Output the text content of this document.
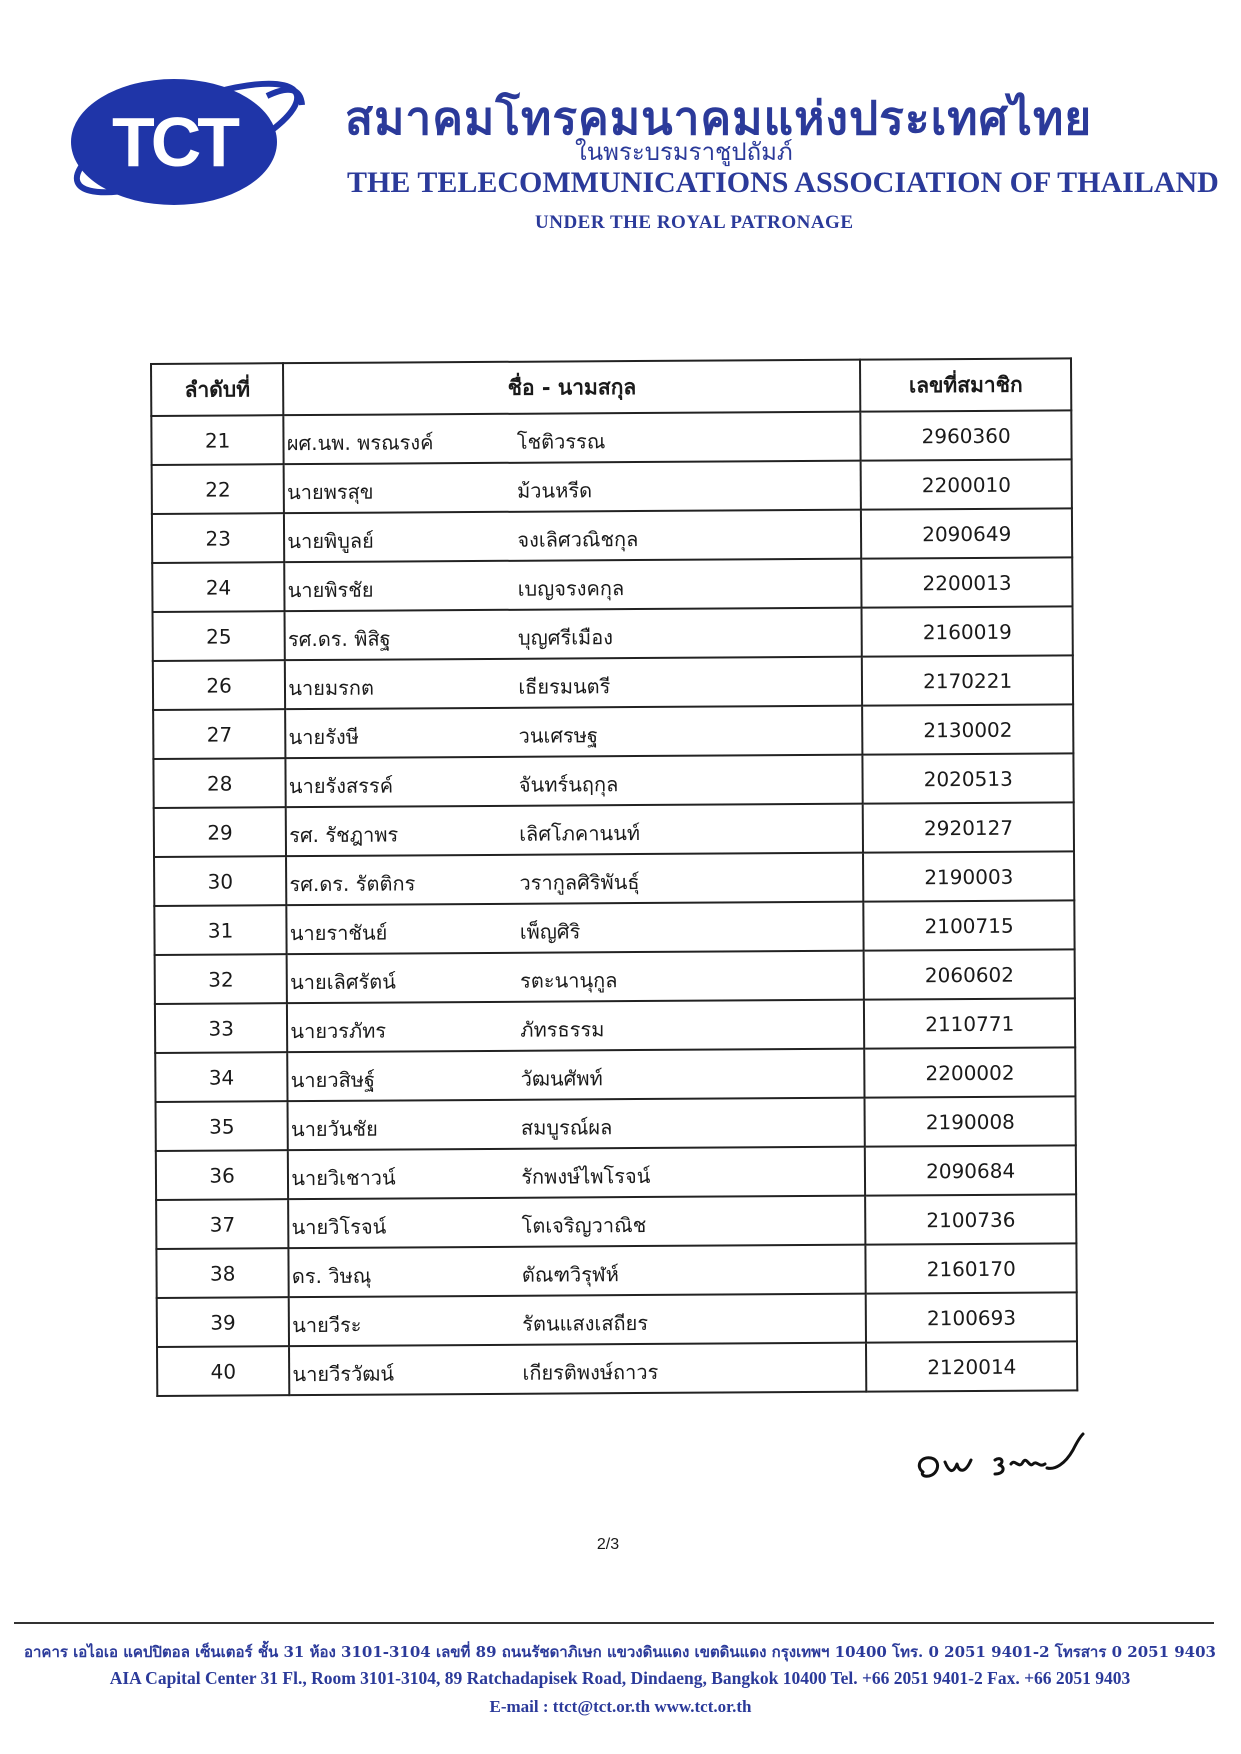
TCT สมาคมโทรคมนาคมแห่งประเทศไทย
ในพระบรมราชูปถัมภ์
THE TELECOMMUNICATIONS ASSOCIATION OF THAILAND
UNDER THE ROYAL PATRONAGE
ลำดับที่	ชื่อ - นามสกุล	เลขที่สมาชิก
21	ผศ.นพ. พรณรงค์ โชติวรรณ	2960360
22	นายพรสุข ม้วนหรีด	2200010
23	นายพิบูลย์ จงเลิศวณิชกุล	2090649
24	นายพิรชัย เบญจรงคกุล	2200013
25	รศ.ดร. พิสิฐ บุญศรีเมือง	2160019
26	นายมรกต เธียรมนตรี	2170221
27	นายรังษี วนเศรษฐ	2130002
28	นายรังสรรค์ จันทร์นฤกุล	2020513
29	รศ. รัชฎาพร เลิศโภคานนท์	2920127
30	รศ.ดร. รัตติกร วรากูลศิริพันธุ์	2190003
31	นายราชันย์ เพ็ญศิริ	2100715
32	นายเลิศรัตน์ รตะนานุกูล	2060602
33	นายวรภัทร ภัทรธรรม	2110771
34	นายวสิษฐ์ วัฒนศัพท์	2200002
35	นายวันชัย สมบูรณ์ผล	2190008
36	นายวิเชาวน์ รักพงษ์ไพโรจน์	2090684
37	นายวิโรจน์ โตเจริญวาณิช	2100736
38	ดร. วิษณุ ตัณฑวิรุฬห์	2160170
39	นายวีระ รัตนแสงเสถียร	2100693
40	นายวีรวัฒน์ เกียรติพงษ์ถาวร	2120014
2/3
อาคาร เอไอเอ แคปปิตอล เซ็นเตอร์ ชั้น 31 ห้อง 3101-3104 เลขที่ 89 ถนนรัชดาภิเษก แขวงดินแดง เขตดินแดง กรุงเทพฯ 10400 โทร. 0 2051 9401-2 โทรสาร 0 2051 9403
AIA Capital Center 31 Fl., Room 3101-3104, 89 Ratchadapisek Road, Dindaeng, Bangkok 10400 Tel. +66 2051 9401-2 Fax. +66 2051 9403
E-mail : ttct@tct.or.th www.tct.or.th
